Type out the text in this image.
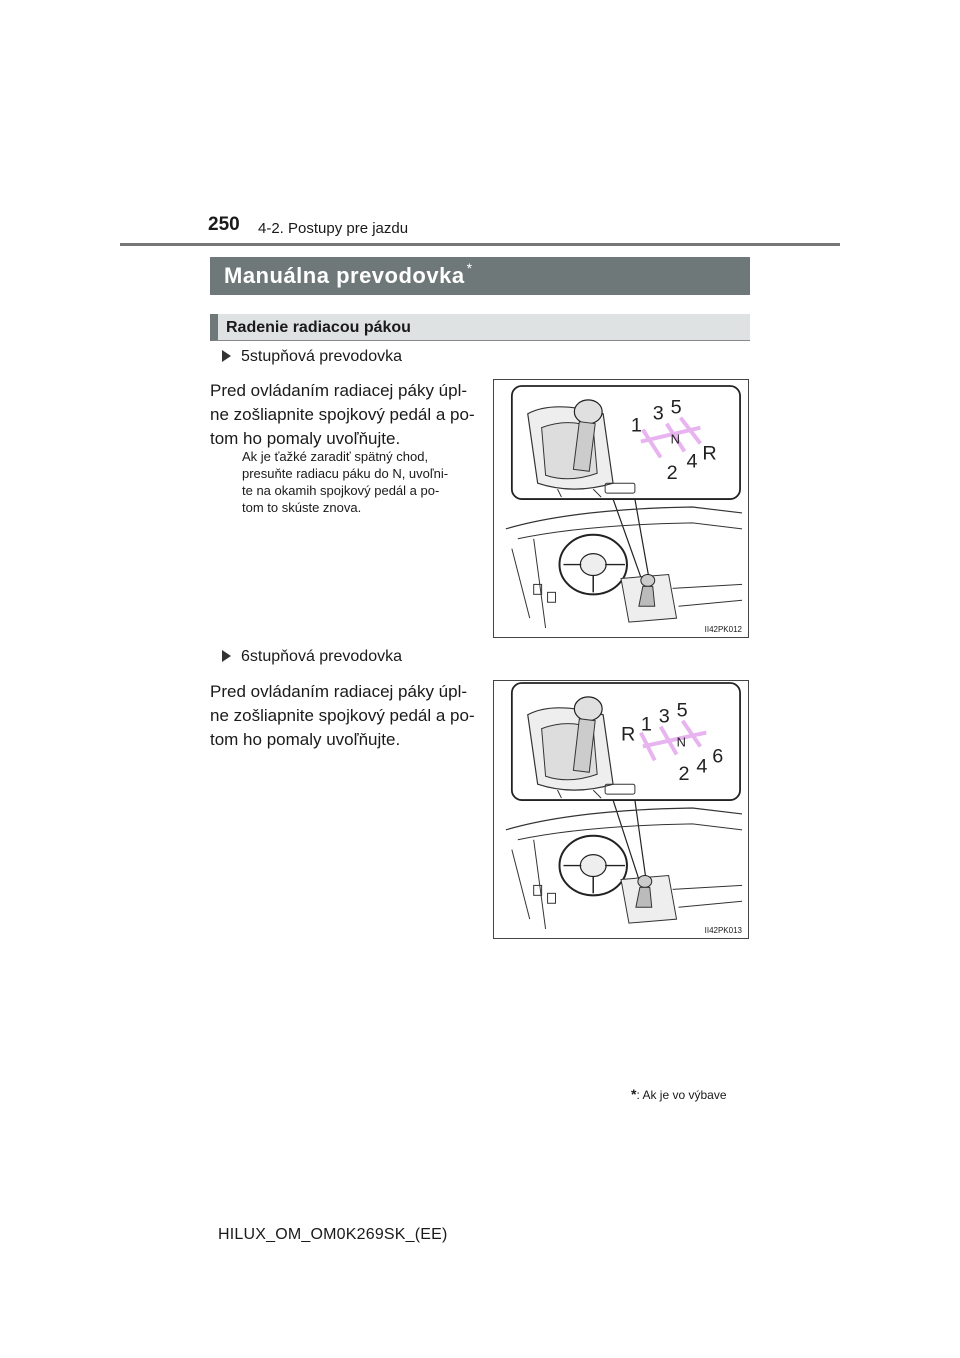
250 4-2. Postupy pre jazdu
Manuálna prevodovka *
Radenie radiacou pákou
5stupňová prevodovka
Pred ovládaním radiacej páky úpl-
ne zošliapnite spojkový pedál a po-
tom ho pomaly uvoľňujte.
Ak je ťažké zaradiť spätný chod,
presuňte radiacu páku do N, uvoľni-
te na okamih spojkový pedál a po-
tom to skúste znova.
1
3 5
N
2
4 R
II42PK012
6stupňová prevodovka
Pred ovládaním radiacej páky úpl-
ne zošliapnite spojkový pedál a po-
tom ho pomaly uvoľňujte.	R 1 3 5
N
2 4 6
II42PK013
*: Ak je vo výbave
HILUX_OM_OM0K269SK_(EE)
